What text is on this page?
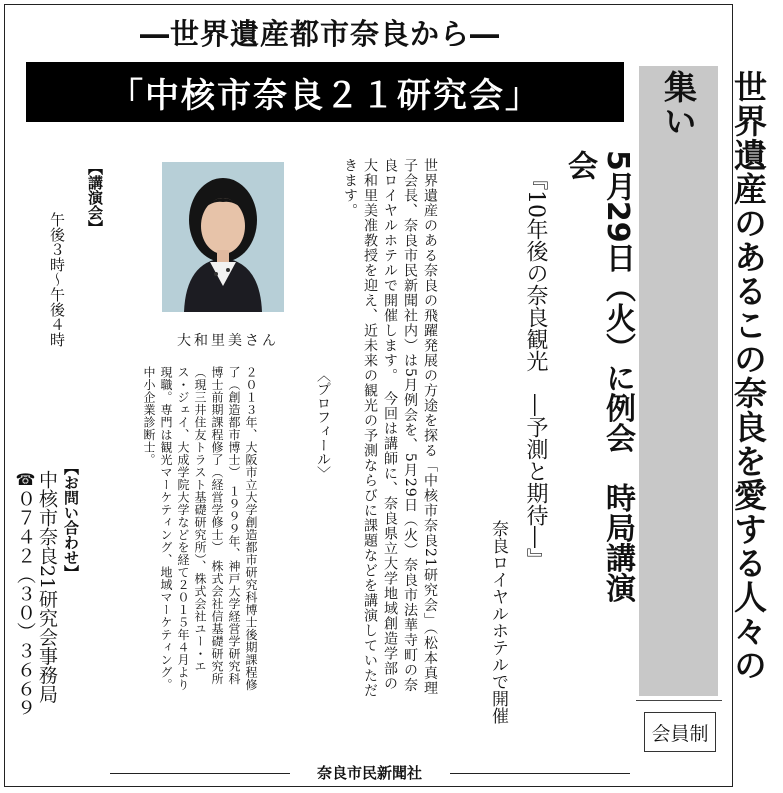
―世界遺産都市奈良から―
「中核市奈良２１研究会」	世界遺産のあるこの奈良を愛する人々の集い
会員制
5月29日（火）に例会　時局講演会
『10年後の奈良観光　―予測と期待―』
奈良ロイヤルホテルで開催
世界遺産のある奈良の飛躍発展の方途を探る「中核市奈良21研究会」（松本真理子会長、奈良市民新聞社内）は5月例会を、5月29日（火）奈良市法華寺町の奈良ロイヤルホテルで開催します。　今回は講師に、奈良県立大学地域創造学部の大和里美准教授を迎え、近未来の観光の予測ならびに課題などを講演していただきます。
大和里美さん
〈プロフィール〉
２０１３年、大阪市立大学創造都市研究科博士後期課程修了（創造都市博士）　１９９９年、神戸大学経営学研究科博士前期課程修了（経営学修士）　株式会社信基礎研究所（現三井住友トラスト基礎研究所）、株式会社ユー・エス・ジェイ、大成学院大学などを経て２０１５年４月より現職。専門は観光マーケティング、地域マーケティング。中小企業診断士。
【講演会】
午後３時～午後４時
【お問い合わせ】
中核市奈良21研究会事務局
☎０７４２（３０）３６６９
奈良市民新聞社
